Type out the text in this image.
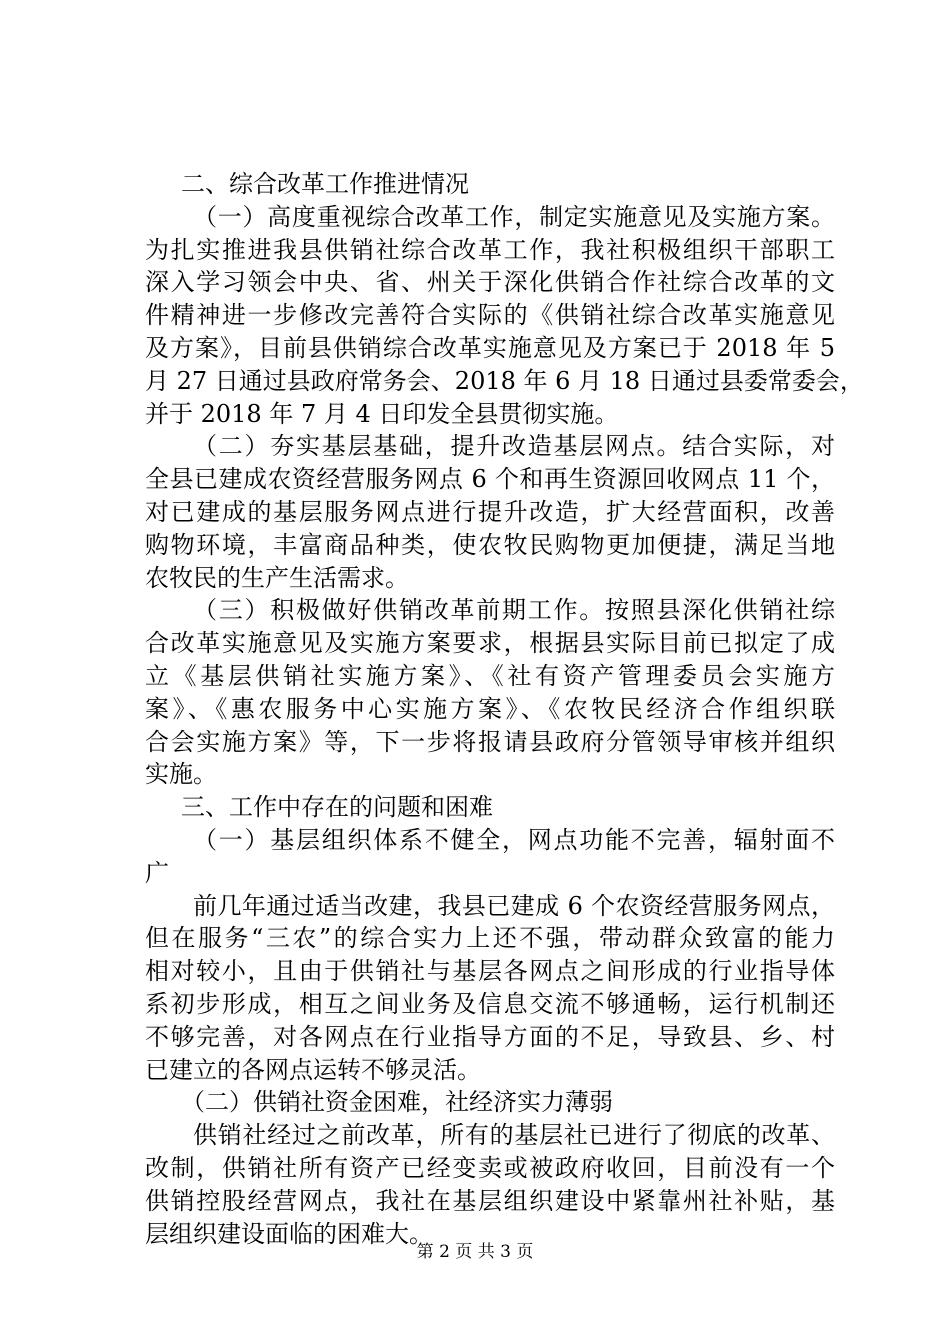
二、综合改革工作推进情况
（一）高度重视综合改革工作，制定实施意见及实施方案。
为扎实推进我县供销社综合改革工作，我社积极组织干部职工
深入学习领会中央、省、州关于深化供销合作社综合改革的文
件精神进一步修改完善符合实际的《供销社综合改革实施意见
及方案》，目前县供销综合改革实施意见及方案已于 2018 年 5
月 27 日通过县政府常务会、2018 年 6 月 18 日通过县委常委会，
并于 2018 年 7 月 4 日印发全县贯彻实施。
（二）夯实基层基础，提升改造基层网点。结合实际，对
全县已建成农资经营服务网点 6 个和再生资源回收网点 11 个，
对已建成的基层服务网点进行提升改造，扩大经营面积，改善
购物环境，丰富商品种类，使农牧民购物更加便捷，满足当地
农牧民的生产生活需求。
（三）积极做好供销改革前期工作。按照县深化供销社综
合改革实施意见及实施方案要求，根据县实际目前已拟定了成
立《基层供销社实施方案》、《社有资产管理委员会实施方
案》、《惠农服务中心实施方案》、《农牧民经济合作组织联
合会实施方案》等，下一步将报请县政府分管领导审核并组织
实施。
三、工作中存在的问题和困难
（一）基层组织体系不健全，网点功能不完善，辐射面不
广
前几年通过适当改建，我县已建成 6 个农资经营服务网点，
但在服务“三农”的综合实力上还不强，带动群众致富的能力
相对较小，且由于供销社与基层各网点之间形成的行业指导体
系初步形成，相互之间业务及信息交流不够通畅，运行机制还
不够完善，对各网点在行业指导方面的不足，导致县、乡、村
已建立的各网点运转不够灵活。
（二）供销社资金困难，社经济实力薄弱
供销社经过之前改革，所有的基层社已进行了彻底的改革、
改制，供销社所有资产已经变卖或被政府收回，目前没有一个
供销控股经营网点，我社在基层组织建设中紧靠州社补贴，基
层组织建设面临的困难大。
第 2 页 共 3 页
